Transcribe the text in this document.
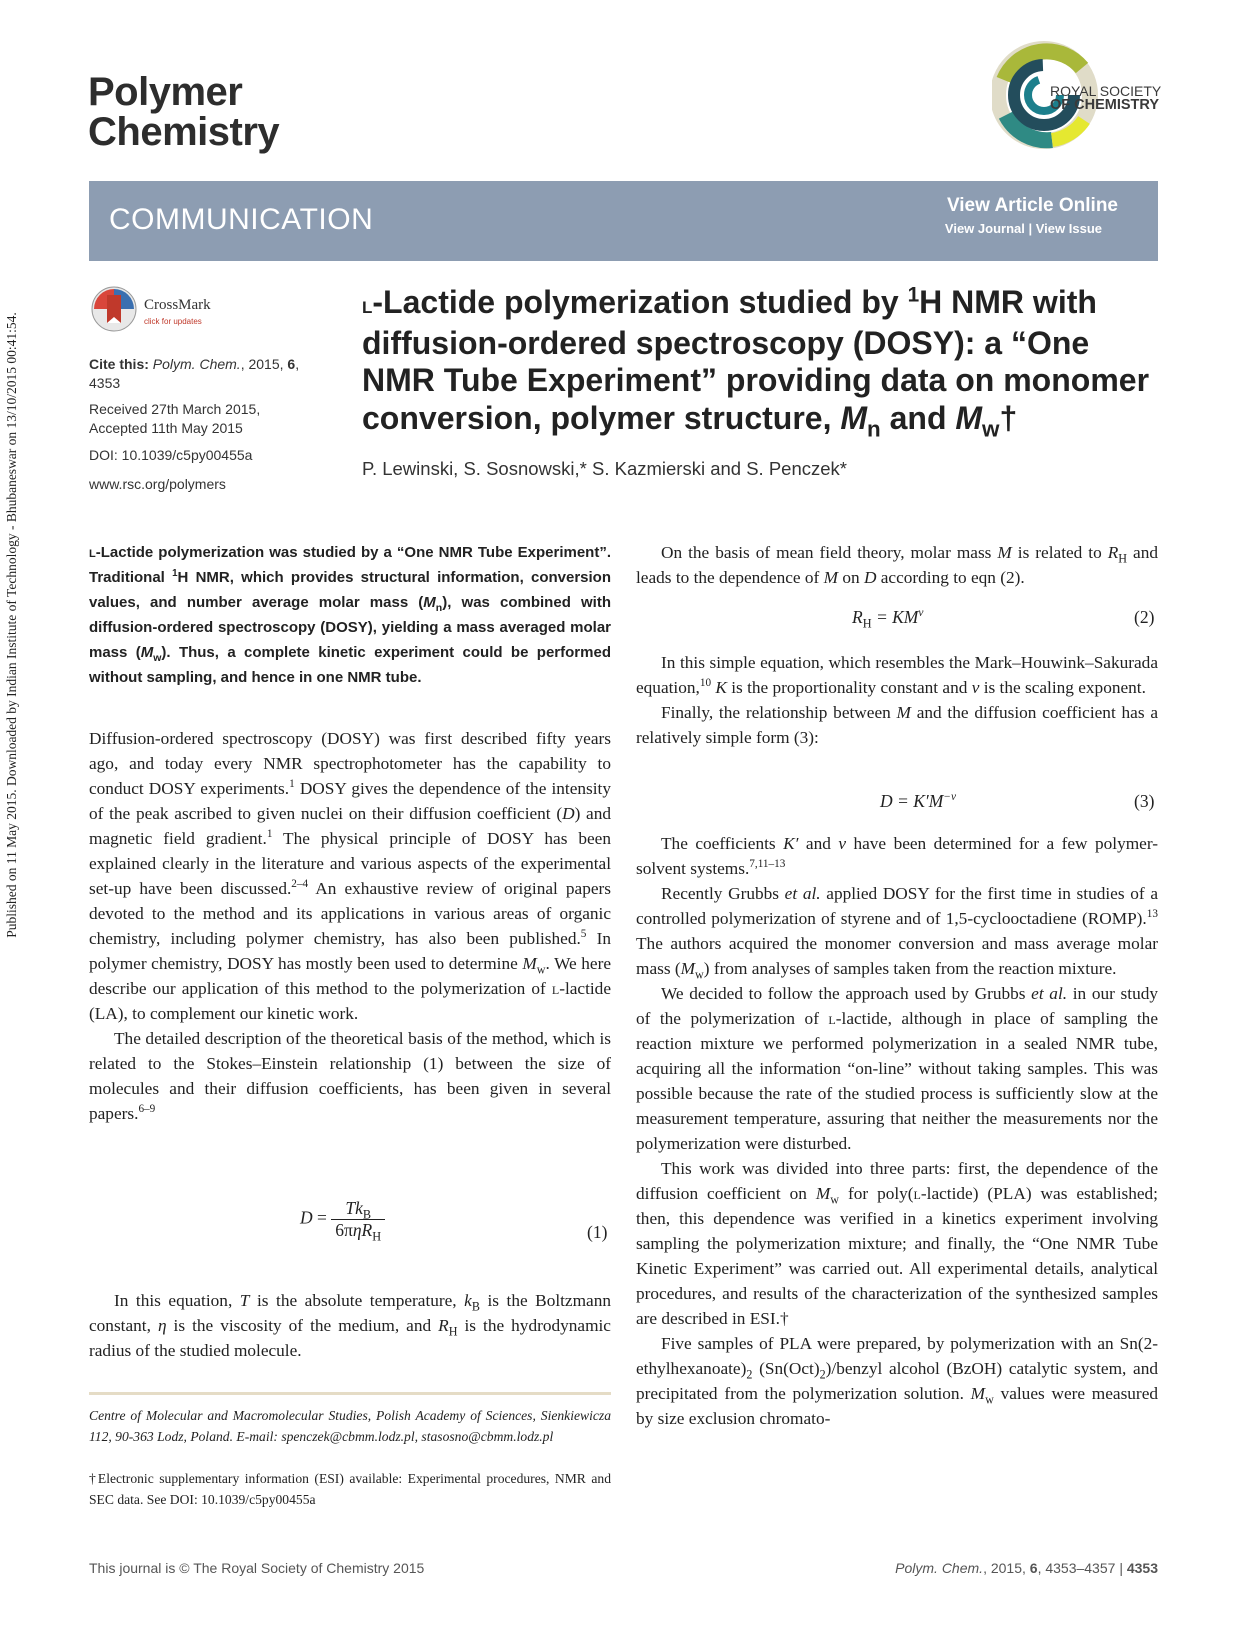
Published on 11 May 2015. Downloaded by Indian Institute of Technology - Bhubaneswar on 13/10/2015 00:41:54.
Polymer
Chemistry
ROYAL SOCIETY
OF CHEMISTRY
COMMUNICATION	View Article Online
View Journal | View Issue
CrossMark
click for updates
Cite this: Polym. Chem., 2015, 6,
4353
Received 27th March 2015,
Accepted 11th May 2015
DOI: 10.1039/c5py00455a
www.rsc.org/polymers
l-Lactide polymerization studied by $^1$H NMR with diffusion-ordered spectroscopy (DOSY): a “One NMR Tube Experiment” providing data on monomer conversion, polymer structure, $M_n$ and $M_w\dagger$
P. Lewinski, S. Sosnowski,* S. Kazmierski and S. Penczek*
l-Lactide polymerization was studied by a “One NMR Tube Experiment”. Traditional $^1$H NMR, which provides structural information, conversion values, and number average molar mass $(M_n)$, was combined with diffusion-ordered spectroscopy (DOSY), yielding a mass averaged molar mass $(M_w)$. Thus, a complete kinetic experiment could be performed without sampling, and hence in one NMR tube.

Diffusion-ordered spectroscopy (DOSY) was first described fifty years ago, and today every NMR spectrophotometer has the capability to conduct DOSY experiments.$^1$ DOSY gives the dependence of the intensity of the peak ascribed to given nuclei on their diffusion coefficient (D) and magnetic field gradient.$^1$ The physical principle of DOSY has been explained clearly in the literature and various aspects of the experimental set-up have been discussed.$^{2-4}$ An exhaustive review of original papers devoted to the method and its applications in various areas of organic chemistry, including polymer chemistry, has also been published.$^5$ In polymer chemistry, DOSY has mostly been used to determine $M_w$. We here describe our application of this method to the polymerization of l-lactide (LA), to complement our kinetic work.

The detailed description of the theoretical basis of the method, which is related to the Stokes–Einstein relationship (1) between the size of molecules and their diffusion coefficients, has been given in several papers.$^{6-9}$

$D = \frac{Tk_B}{6\pi\eta R_H}$	(1)

In this equation, T is the absolute temperature, $k_B$ is the Boltzmann constant, η is the viscosity of the medium, and $R_H$ is the hydrodynamic radius of the studied molecule.

Centre of Molecular and Macromolecular Studies, Polish Academy of Sciences, Sienkiewicza 112, 90-363 Lodz, Poland. E-mail: spenczek@cbmm.lodz.pl, stasosno@cbmm.lodz.pl
†Electronic supplementary information (ESI) available: Experimental procedures, NMR and SEC data. See DOI: 10.1039/c5py00455a

On the basis of mean field theory, molar mass M is related to $R_H$ and leads to the dependence of M on D according to eqn (2).

$R_H = KM^\nu$	(2)

In this simple equation, which resembles the Mark–Houwink–Sakurada equation,$^{10}$ K is the proportionality constant and ν is the scaling exponent.

Finally, the relationship between M and the diffusion coefficient has a relatively simple form (3):

$D = K'M^{-\nu}$	(3)

The coefficients K′ and ν have been determined for a few polymer-solvent systems.$^{7,11-13}$

Recently Grubbs et al. applied DOSY for the first time in studies of a controlled polymerization of styrene and of 1,5-cyclooctadiene (ROMP).$^{13}$ The authors acquired the monomer conversion and mass average molar mass $(M_w)$ from analyses of samples taken from the reaction mixture.

We decided to follow the approach used by Grubbs et al. in our study of the polymerization of l-lactide, although in place of sampling the reaction mixture we performed polymerization in a sealed NMR tube, acquiring all the information “on-line” without taking samples. This was possible because the rate of the studied process is sufficiently slow at the measurement temperature, assuring that neither the measurements nor the polymerization were disturbed.

This work was divided into three parts: first, the dependence of the diffusion coefficient on $M_w$ for poly(l-lactide) (PLA) was established; then, this dependence was verified in a kinetics experiment involving sampling the polymerization mixture; and finally, the “One NMR Tube Kinetic Experiment” was carried out. All experimental details, analytical procedures, and results of the characterization of the synthesized samples are described in ESI.†

Five samples of PLA were prepared, by polymerization with an $Sn(2-ethylhexanoate)_2$ $(Sn(Oct)_2)$/benzyl alcohol (BzOH) catalytic system, and precipitated from the polymerization solution. $M_w$ values were measured by size exclusion chromato-

This journal is © The Royal Society of Chemistry 2015	Polym. Chem., 2015, 6, 4353–4357 | 4353
